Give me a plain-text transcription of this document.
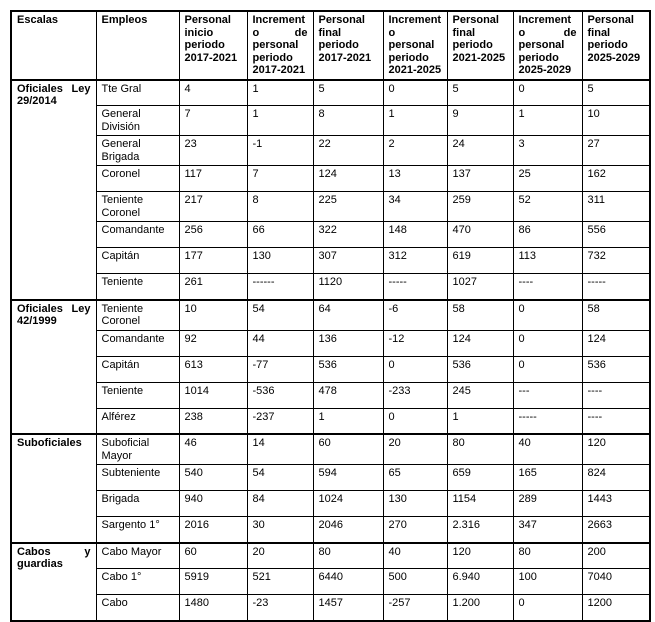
Escalas	Empleos	Personal inicio periodo 2017-2021	Incremento de personal periodo 2017-2021	Personal final periodo 2017-2021	Incremento personal periodo 2021-2025	Personal final periodo 2021-2025	Incremento de personal periodo 2025-2029	Personal final periodo 2025-2029
Oficiales Ley 29/2014	Tte Gral	4	1	5	0	5	0	5
	General División	7	1	8	1	9	1	10
	General Brigada	23	-1	22	2	24	3	27
	Coronel	117	7	124	13	137	25	162
	Teniente Coronel	217	8	225	34	259	52	311
	Comandante	256	66	322	148	470	86	556
	Capitán	177	130	307	312	619	113	732
	Teniente	261	------	1120	-----	1027	----	-----
Oficiales Ley 42/1999	Teniente Coronel	10	54	64	-6	58	0	58
	Comandante	92	44	136	-12	124	0	124
	Capitán	613	-77	536	0	536	0	536
	Teniente	1014	-536	478	-233	245	---	----
	Alférez	238	-237	1	0	1	-----	----
Suboficiales	Suboficial Mayor	46	14	60	20	80	40	120
	Subteniente	540	54	594	65	659	165	824
	Brigada	940	84	1024	130	1154	289	1443
	Sargento 1°	2016	30	2046	270	2.316	347	2663
Cabos y guardias	Cabo Mayor	60	20	80	40	120	80	200
	Cabo 1°	5919	521	6440	500	6.940	100	7040
	Cabo	1480	-23	1457	-257	1.200	0	1200
